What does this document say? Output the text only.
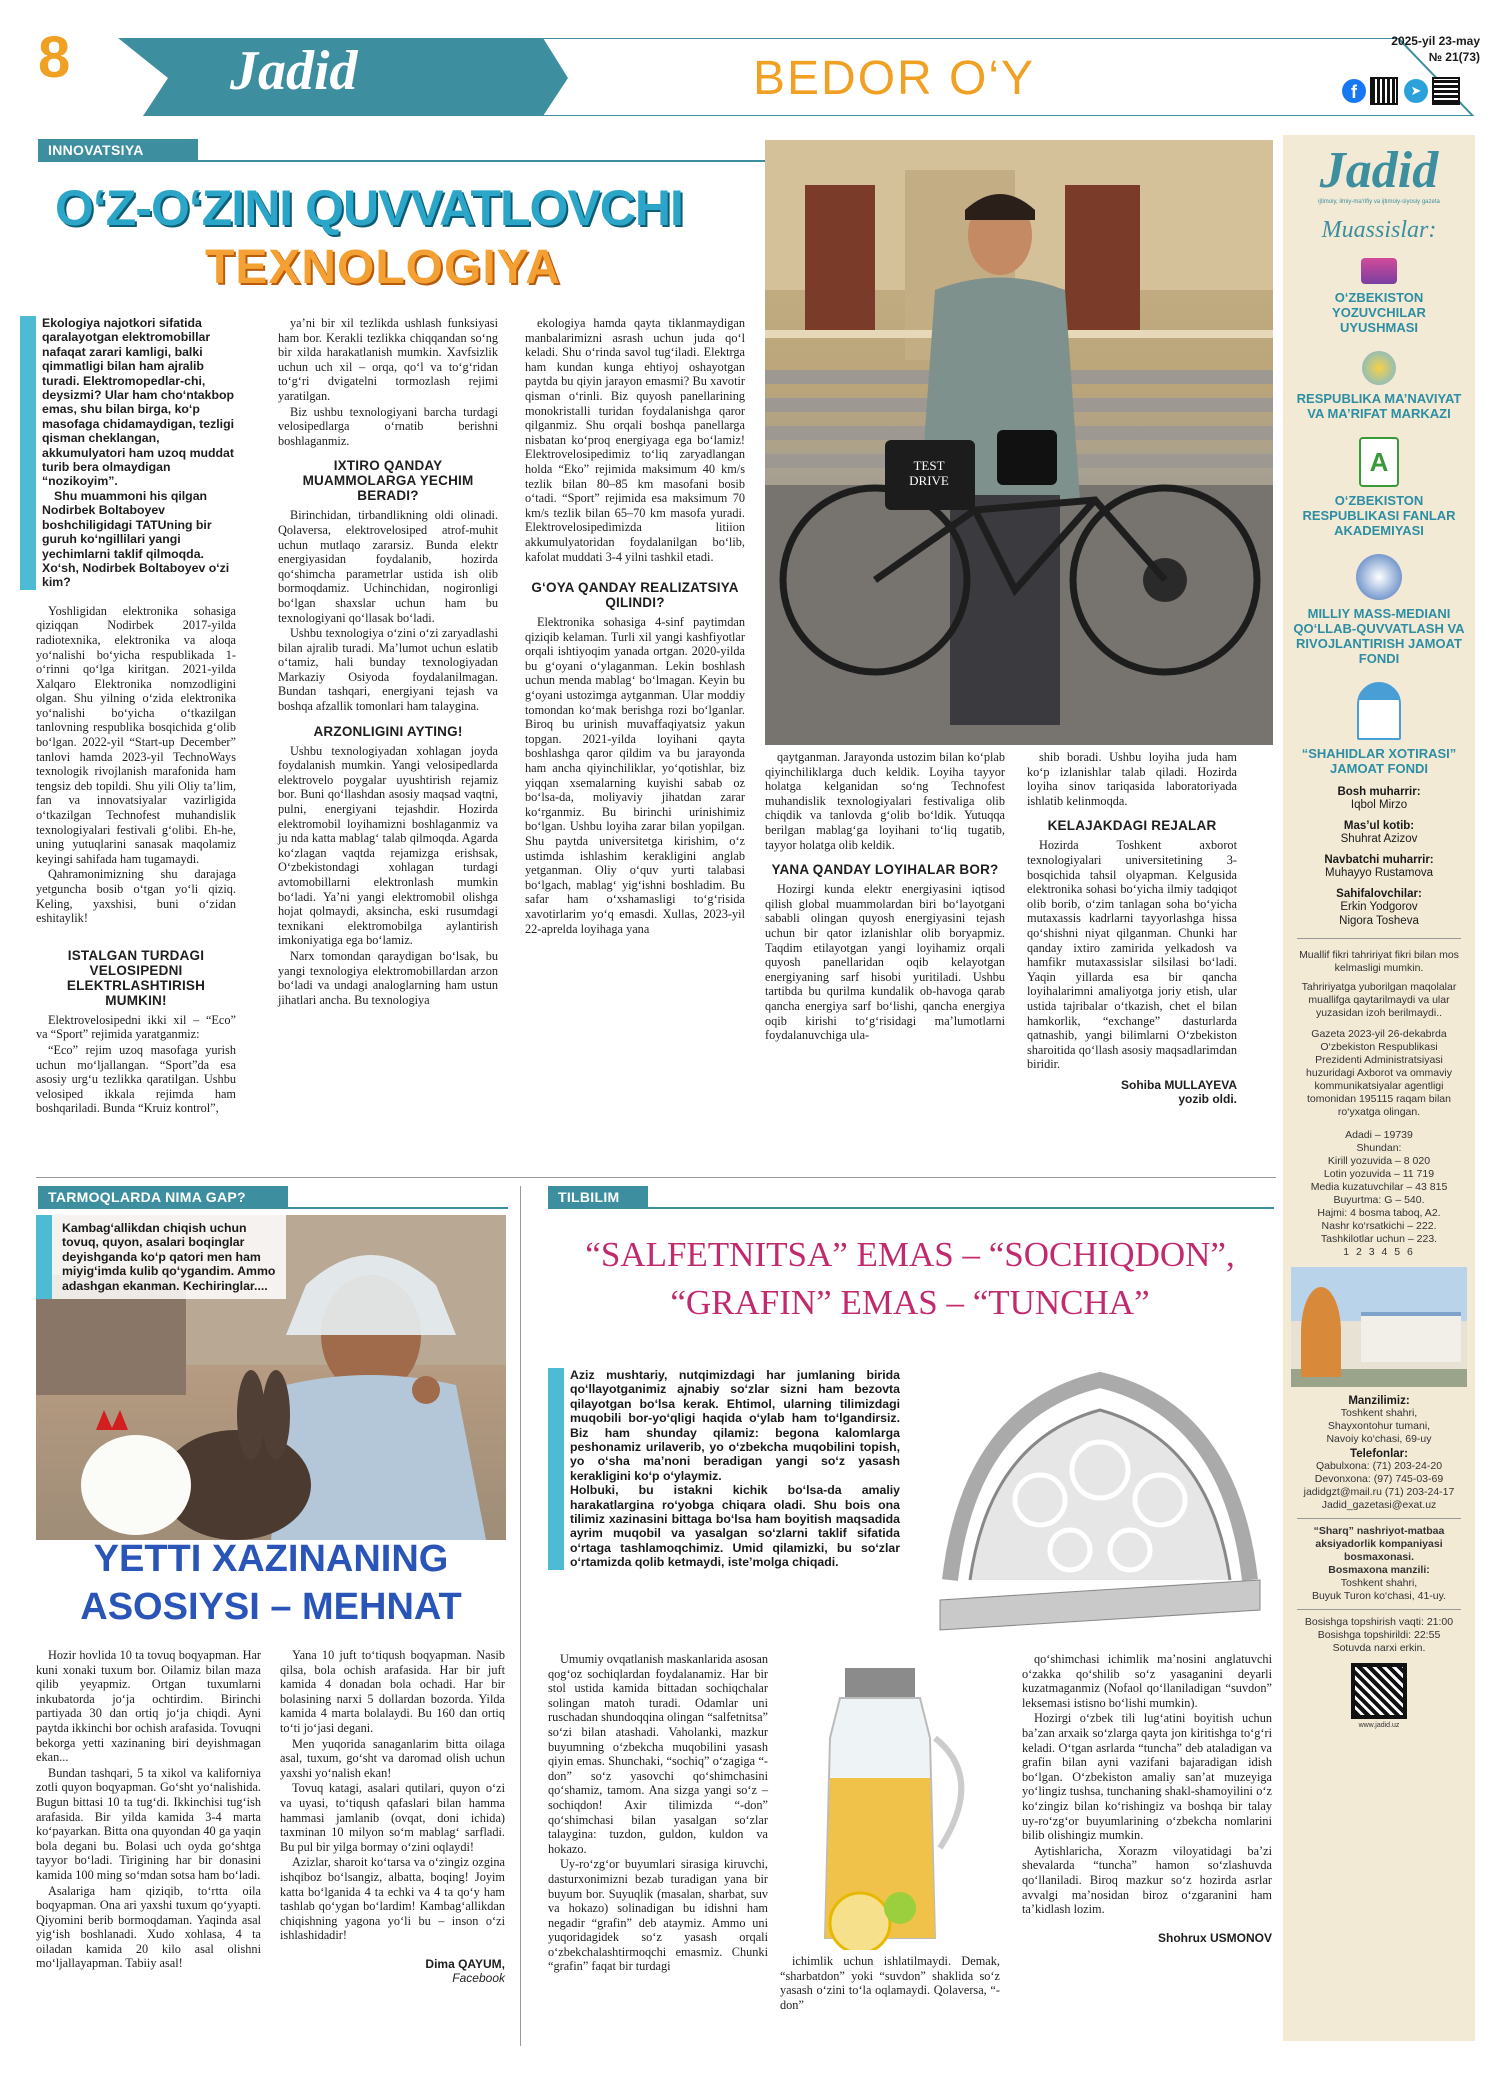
8	Jadid	BEDOR O‘Y
2025-yil 23-may
№ 21(73)
f	➤
INNOVATSIYA
O‘Z-O‘ZINI QUVVATLOVCHI
TEXNOLOGIYA
Ekologiya najotkori sifatida qaralayotgan elektromobillar nafaqat zarari kamligi, balki qimmatligi bilan ham ajralib turadi. Elektromopedlar-chi, deysizmi? Ular ham cho‘ntakbop emas, shu bilan birga, ko‘p masofaga chidamaydigan, tezligi qisman cheklangan, akkumulyatori ham uzoq muddat turib bera olmaydigan “nozikoyim”.
Shu muammoni his qilgan Nodirbek Boltaboyev boshchiligidagi TATUning bir guruh ko‘ngillilari yangi yechimlarni taklif qilmoqda. Xo‘sh, Nodirbek Boltaboyev o‘zi kim?

Yoshligidan elektronika sohasiga qiziqqan Nodirbek 2017-yilda radiotexnika, elektronika va aloqa yo‘nalishi bo‘yicha respublikada 1-o‘rinni qo‘lga kiritgan. 2021-yilda Xalqaro Elektronika nomzodligini olgan. Shu yilning o‘zida elektronika yo‘nalishi bo‘yicha o‘tkazilgan tanlovning respublika bosqichida g‘olib bo‘lgan. 2022-yil “Start-up December” tanlovi hamda 2023-yil TechnoWays texnologik rivojlanish marafonida ham tengsiz deb topildi. Shu yili Oliy ta’lim, fan va innovatsiyalar vazirligida o‘tkazilgan Technofest muhandislik texnologiyalari festivali g‘olibi. Eh-he, uning yutuqlarini sanasak maqolamiz keyingi sahifada ham tugamaydi.

Qahramonimizning shu darajaga yetguncha bosib o‘tgan yo‘li qiziq. Keling, yaxshisi, buni o‘zidan eshitaylik!

ISTALGAN TURDAGI VELOSIPEDNI ELEKTRLASHTIRISH MUMKIN!

Elektrovelosipedni ikki xil – “Eco” va “Sport” rejimida yaratganmiz:

“Eco” rejim uzoq masofaga yurish uchun mo‘ljallangan. “Sport”da esa asosiy urg‘u tezlikka qaratilgan. Ushbu velosiped ikkala rejimda ham boshqariladi. Bunda “Kruiz kontrol”,

ya’ni bir xil tezlikda ushlash funksiyasi ham bor. Kerakli tezlikka chiqqandan so‘ng bir xilda harakatlanish mumkin. Xavfsizlik uchun uch xil – orqa, qo‘l va to‘g‘ridan to‘g‘ri dvigatelni tormozlash rejimi yaratilgan.

Biz ushbu texnologiyani barcha turdagi velosipedlarga o‘rnatib berishni boshlaganmiz.

IXTIRO QANDAY MUAMMOLARGA YECHIM BERADI?

Birinchidan, tirbandlikning oldi olinadi. Qolaversa, elektrovelosiped atrof-muhit uchun mutlaqo zararsiz. Bunda elektr energiyasidan foydalanib, hozirda qo‘shimcha parametrlar ustida ish olib bormoqdamiz. Uchinchidan, nogironligi bo‘lgan shaxslar uchun ham bu texnologiyani qo‘llasak bo‘ladi.

Ushbu texnologiya o‘zini o‘zi zaryadlashi bilan ajralib turadi. Ma’lumot uchun eslatib o‘tamiz, hali bunday texnologiyadan Markaziy Osiyoda foydalanilmagan. Bundan tashqari, energiyani tejash va boshqa afzallik tomonlari ham talaygina.

ARZONLIGINI AYTING!

Ushbu texnologiyadan xohlagan joyda foydalanish mumkin. Yangi velosipedlarda elektrovelo poygalar uyushtirish rejamiz bor. Buni qo‘llashdan asosiy maqsad vaqtni, pulni, energiyani tejashdir. Hozirda elektromobil loyihamizni boshlaganmiz va ju nda katta mablag‘ talab qilmoqda. Agarda ko‘zlagan vaqtda rejamizga erishsak, O‘zbekistondagi xohlagan turdagi avtomobillarni elektronlash mumkin bo‘ladi. Ya’ni yangi elektromobil olishga hojat qolmaydi, aksincha, eski rusumdagi texnikani elektromobilga aylantirish imkoniyatiga ega bo‘lamiz.

Narx tomondan qaraydigan bo‘lsak, bu yangi texnologiya elektromobillardan arzon bo‘ladi va undagi analoglarning ham ustun jihatlari ancha. Bu texnologiya

ekologiya hamda qayta tiklanmaydigan manbalarimizni asrash uchun juda qo‘l keladi. Shu o‘rinda savol tug‘iladi. Elektrga ham kundan kunga ehtiyoj oshayotgan paytda bu qiyin jarayon emasmi? Bu xavotir qisman o‘rinli. Biz quyosh panellarining monokristalli turidan foydalanishga qaror qilganmiz. Shu orqali boshqa panellarga nisbatan ko‘proq energiyaga ega bo‘lamiz! Elektrovelosipedimiz to‘liq zaryadlangan holda “Eko” rejimida maksimum 40 km/s tezlik bilan 80–85 km masofani bosib o‘tadi. “Sport” rejimida esa maksimum 70 km/s tezlik bilan 65–70 km masofa yuradi. Elektrovelosipedimizda litiion akkumulyatoridan foydalanilgan bo‘lib, kafolat muddati 3-4 yilni tashkil etadi.

G‘OYA QANDAY REALIZATSIYA QILINDI?

Elektronika sohasiga 4-sinf paytimdan qiziqib kelaman. Turli xil yangi kashfiyotlar orqali ishtiyoqim yanada ortgan. 2020-yilda bu g‘oyani o‘ylaganman. Lekin boshlash uchun menda mablag‘ bo‘lmagan. Keyin bu g‘oyani ustozimga aytganman. Ular moddiy tomondan ko‘mak berishga rozi bo‘lganlar. Biroq bu urinish muvaffaqiyatsiz yakun topgan. 2021-yilda loyihani qayta boshlashga qaror qildim va bu jarayonda ham ancha qiyinchiliklar, yo‘qotishlar, biz yiqqan xsemalarning kuyishi sabab oz bo‘lsa-da, moliyaviy jihatdan zarar ko‘rganmiz. Bu birinchi urinishimiz bo‘lgan. Ushbu loyiha zarar bilan yopilgan. Shu paytda universitetga kirishim, o‘z ustimda ishlashim kerakligini anglab yetganman. Oliy o‘quv yurti talabasi bo‘lgach, mablag‘ yig‘ishni boshladim. Bu safar ham o‘xshamasligi to‘g‘risida xavotirlarim yo‘q emasdi. Xullas, 2023-yil 22-aprelda loyihaga yana

TEST
DRIVE

qaytganman. Jarayonda ustozim bilan ko‘plab qiyinchiliklarga duch keldik. Loyiha tayyor holatga kelganidan so‘ng Technofest muhandislik texnologiyalari festivaliga olib chiqdik va tanlovda g‘olib bo‘ldik. Yutuqqa berilgan mablag‘ga loyihani to‘liq tugatib, tayyor holatga olib keldik.

YANA QANDAY LOYIHALAR BOR?

Hozirgi kunda elektr energiyasini iqtisod qilish global muammolardan biri bo‘layotgani sababli olingan quyosh energiyasini tejash uchun bir qator izlanishlar olib boryapmiz. Taqdim etilayotgan yangi loyihamiz orqali quyosh panellaridan oqib kelayotgan energiyaning sarf hisobi yuritiladi. Ushbu tartibda bu qurilma kundalik ob-havoga qarab qancha energiya sarf bo‘lishi, qancha energiya oqib kirishi to‘g‘risidagi ma’lumotlarni foydalanuvchiga ula-

shib boradi. Ushbu loyiha juda ham ko‘p izlanishlar talab qiladi. Hozirda loyiha sinov tariqasida laboratoriyada ishlatib kelinmoqda.

KELAJAKDAGI REJALAR

Hozirda Toshkent axborot texnologiyalari universitetining 3-bosqichida tahsil olyapman. Kelgusida elektronika sohasi bo‘yicha ilmiy tadqiqot olib borib, o‘zim tanlagan soha bo‘yicha mutaxassis kadrlarni tayyorlashga hissa qo‘shishni niyat qilganman. Chunki har qanday ixtiro zamirida yelkadosh va hamfikr mutaxassislar silsilasi bo‘ladi. Yaqin yillarda esa bir qancha loyihalarimni amaliyotga joriy etish, ular ustida tajribalar o‘tkazish, chet el bilan hamkorlik, “exchange” dasturlarda qatnashib, yangi bilimlarni O‘zbekiston sharoitida qo‘llash asosiy maqsadlarimdan biridir.

Sohiba MULLAYEVA
yozib oldi.
TARMOQLARDA NIMA GAP?
Kambag‘allikdan chiqish uchun tovuq, quyon, asalari boqinglar deyishganda ko‘p qatori men ham miyig‘imda kulib qo‘ygandim. Ammo adashgan ekanman. Kechiringlar....
YETTI XAZINANING
ASOSIYSI – MEHNAT

Hozir hovlida 10 ta tovuq boqyapman. Har kuni xonaki tuxum bor. Oilamiz bilan maza qilib yeyapmiz. Ortgan tuxumlarni inkubatorda jo‘ja ochtirdim. Birinchi partiyada 30 dan ortiq jo‘ja chiqdi. Ayni paytda ikkinchi bor ochish arafasida. Tovuqni bekorga yetti xazinaning biri deyishmagan ekan...

Bundan tashqari, 5 ta xikol va kaliforniya zotli quyon boqyapman. Go‘sht yo‘nalishida. Bugun bittasi 10 ta tug‘di. Ikkinchisi tug‘ish arafasida. Bir yilda kamida 3-4 marta ko‘payarkan. Bitta ona quyondan 40 ga yaqin bola degani bu. Bolasi uch oyda go‘shtga tayyor bo‘ladi. Tirigining har bir donasini kamida 100 ming so‘mdan sotsa ham bo‘ladi.

Asalariga ham qiziqib, to‘rtta oila boqyapman. Ona ari yaxshi tuxum qo‘yyapti. Qiyomini berib bormoqdaman. Yaqinda asal yig‘ish boshlanadi. Xudo xohlasa, 4 ta oiladan kamida 20 kilo asal olishni mo‘ljallayapman. Tabiiy asal!

Yana 10 juft to‘tiqush boqyapman. Nasib qilsa, bola ochish arafasida. Har bir juft kamida 4 donadan bola ochadi. Har bir bolasining narxi 5 dollardan bozorda. Yilda kamida 4 marta bolalaydi. Bu 160 dan ortiq to‘ti jo‘jasi degani.

Men yuqorida sanaganlarim bitta oilaga asal, tuxum, go‘sht va daromad olish uchun yaxshi yo‘nalish ekan!

Tovuq katagi, asalari qutilari, quyon o‘zi va uyasi, to‘tiqush qafaslari bilan hamma hammasi jamlanib (ovqat, doni ichida) taxminan 10 milyon so‘m mablag‘ sarfladi. Bu pul bir yilga bormay o‘zini oqlaydi!

Azizlar, sharoit ko‘tarsa va o‘zingiz ozgina ishqiboz bo‘lsangiz, albatta, boqing! Joyim katta bo‘lganida 4 ta echki va 4 ta qo‘y ham tashlab qo‘ygan bo‘lardim! Kambag‘allikdan chiqishning yagona yo‘li bu – inson o‘zi ishlashidadir!

Dima QAYUM,
Facebook
TILBILIM
“SALFETNITSA” EMAS – “SOCHIQDON”,
“GRAFIN” EMAS – “TUNCHA”
Aziz mushtariy, nutqimizdagi har jumlaning birida qo‘llayotganimiz ajnabiy so‘zlar sizni ham bezovta qilayotgan bo‘lsa kerak. Ehtimol, ularning tilimizdagi muqobili bor-yo‘qligi haqida o‘ylab ham to‘lgandirsiz. Biz ham shunday qilamiz: begona kalomlarga peshonamiz urilaverib, yo o‘zbekcha muqobilini topish, yo o‘sha ma’noni beradigan yangi so‘z yasash kerakligini ko‘p o‘ylaymiz.
Holbuki, bu istakni kichik bo‘lsa-da amaliy harakatlargina ro‘yobga chiqara oladi. Shu bois ona tilimiz xazinasini bittaga bo‘lsa ham boyitish maqsadida ayrim muqobil va yasalgan so‘zlarni taklif sifatida o‘rtaga tashlamoqchimiz. Umid qilamizki, bu so‘zlar o‘rtamizda qolib ketmaydi, iste’molga chiqadi.

Umumiy ovqatlanish maskanlarida asosan qog‘oz sochiqlardan foydalanamiz. Har bir stol ustida kamida bittadan sochiqchalar solingan matoh turadi. Odamlar uni ruschadan shundoqqina olingan “salfetnitsa” so‘zi bilan atashadi. Vaholanki, mazkur buyumning o‘zbekcha muqobilini yasash qiyin emas. Shunchaki, “sochiq” o‘zagiga “-don” so‘z yasovchi qo‘shimchasini qo‘shamiz, tamom. Ana sizga yangi so‘z – sochiqdon! Axir tilimizda “-don” qo‘shimchasi bilan yasalgan so‘zlar talaygina: tuzdon, guldon, kuldon va hokazo.

Uy-ro‘zg‘or buyumlari sirasiga kiruvchi, dasturxonimizni bezab turadigan yana bir buyum bor. Suyuqlik (masalan, sharbat, suv va hokazo) solinadigan bu idishni ham negadir “grafin” deb ataymiz. Ammo uni yuqoridagidek so‘z yasash orqali o‘zbekchalashtirmoqchi emasmiz. Chunki “grafin” faqat bir turdagi	ichimlik uchun ishlatilmaydi. Demak, “sharbatdon” yoki “suvdon” shaklida so‘z yasash o‘zini to‘la oqlamaydi. Qolaversa, “-don”

qo‘shimchasi ichimlik ma’nosini anglatuvchi o‘zakka qo‘shilib so‘z yasaganini deyarli kuzatmaganmiz (Nofaol qo‘llaniladigan “suvdon” leksemasi istisno bo‘lishi mumkin).

Hozirgi o‘zbek tili lug‘atini boyitish uchun ba’zan arxaik so‘zlarga qayta jon kiritishga to‘g‘ri keladi. O‘tgan asrlarda “tuncha” deb ataladigan va grafin bilan ayni vazifani bajaradigan idish bo‘lgan. O‘zbekiston amaliy san’at muzeyiga yo‘lingiz tushsa, tunchaning shakl-shamoyilini o‘z ko‘zingiz bilan ko‘rishingiz va boshqa bir talay uy-ro‘zg‘or buyumlarining o‘zbekcha nomlarini bilib olishingiz mumkin.

Aytishlaricha, Xorazm viloyatidagi ba’zi shevalarda “tuncha” hamon so‘zlashuvda qo‘llaniladi. Biroq mazkur so‘z hozirda asrlar avvalgi ma’nosidan biroz o‘zgaranini ham ta’kidlash lozim.

Shohrux USMONOV
Jadid
ijtimoiy, ilmiy-ma'rifiy va ijtimoiy-siyosiy gazeta
Muassislar:
O‘ZBEKISTON YOZUVCHILAR UYUSHMASI
RESPUBLIKA MA’NAVIYAT VA MA’RIFAT MARKAZI
A
O‘ZBEKISTON RESPUBLIKASI FANLAR AKADEMIYASI
MILLIY MASS-MEDIANI QO‘LLAB-QUVVATLASH VA RIVOJLANTIRISH JAMOAT FONDI
“SHAHIDLAR XOTIRASI” JAMOAT FONDI
Bosh muharrir:
Iqbol Mirzo
Mas’ul kotib:
Shuhrat Azizov
Navbatchi muharrir:
Muhayyo Rustamova
Sahifalovchilar:
Erkin Yodgorov
Nigora Tosheva
Muallif fikri tahririyat fikri bilan mos kelmasligi mumkin.
Tahririyatga yuborilgan maqolalar muallifga qaytarilmaydi va ular yuzasidan izoh berilmaydi..
Gazeta 2023-yil 26-dekabrda O‘zbekiston Respublikasi Prezidenti Administratsiyasi huzuridagi Axborot va ommaviy kommunikatsiyalar agentligi tomonidan 195115 raqam bilan ro‘yxatga olingan.
Adadi – 19739
Shundan:
Kirill yozuvida – 8 020
Lotin yozuvida – 11 719
Media kuzatuvchilar – 43 815
Buyurtma: G – 540.
Hajmi: 4 bosma taboq, A2.
Nashr ko‘rsatkichi – 222.
Tashkilotlar uchun – 223.
1 2 3 4 5 6
Manzilimiz:
Toshkent shahri,
Shayxontohur tumani,
Navoiy ko‘chasi, 69-uy
Telefonlar:
Qabulxona: (71) 203-24-20
Devonxona: (97) 745-03-69
jadidgzt@mail.ru (71) 203-24-17
Jadid_gazetasi@exat.uz
“Sharq” nashriyot-matbaa aksiyadorlik kompaniyasi bosmaxonasi.
Bosmaxona manzili:
Toshkent shahri,
Buyuk Turon ko‘chasi, 41-uy.
Bosishga topshirish vaqti: 21:00
Bosishga topshirildi: 22:55
Sotuvda narxi erkin.
www.jadid.uz
